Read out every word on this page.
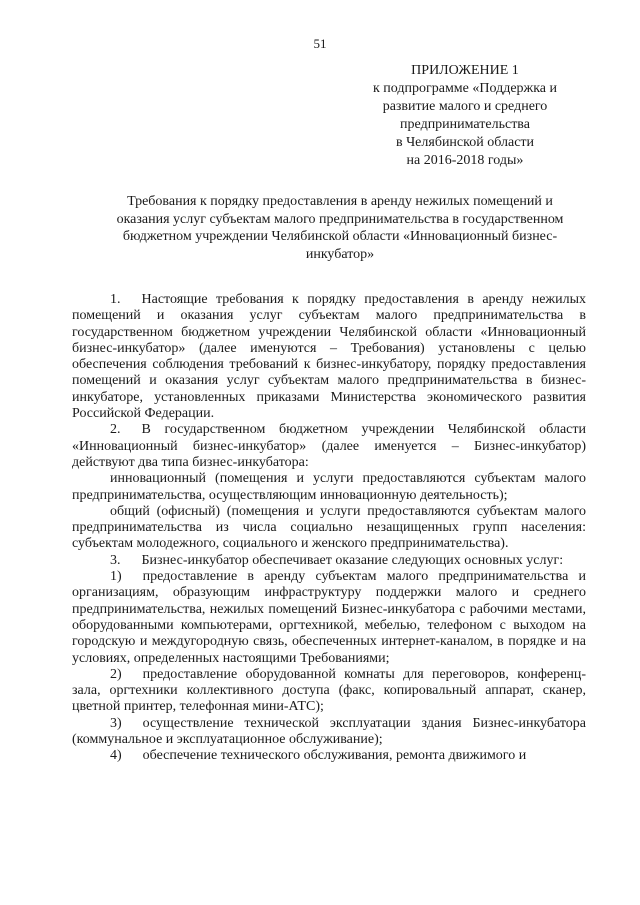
51
ПРИЛОЖЕНИЕ 1
к подпрограмме «Поддержка и
развитие малого и среднего
предпринимательства
в Челябинской области
на 2016-2018 годы»
Требования к порядку предоставления в аренду нежилых помещений и
оказания услуг субъектам малого предпринимательства в государственном
бюджетном учреждении Челябинской области «Инновационный бизнес-
инкубатор»

1.  Настоящие требования к порядку предоставления в аренду нежилых помещений и оказания услуг субъектам малого предпринимательства в государственном бюджетном учреждении Челябинской области «Инновационный бизнес-инкубатор» (далее именуются – Требования) установлены с целью обеспечения соблюдения требований к бизнес-инкубатору, порядку предоставления помещений и оказания услуг субъектам малого предпринимательства в бизнес-инкубаторе, установленных приказами Министерства экономического развития Российской Федерации.

2.  В государственном бюджетном учреждении Челябинской области «Инновационный бизнес-инкубатор» (далее именуется – Бизнес-инкубатор) действуют два типа бизнес-инкубатора:

инновационный (помещения и услуги предоставляются субъектам малого предпринимательства, осуществляющим инновационную деятельность);

общий (офисный) (помещения и услуги предоставляются субъектам малого предпринимательства из числа социально незащищенных групп населения: субъектам молодежного, социального и женского предпринимательства).

3.  Бизнес-инкубатор обеспечивает оказание следующих основных услуг:

1)  предоставление в аренду субъектам малого предпринимательства и организациям, образующим инфраструктуру поддержки малого и среднего предпринимательства, нежилых помещений Бизнес-инкубатора с рабочими местами, оборудованными компьютерами, оргтехникой, мебелью, телефоном с выходом на городскую и междугородную связь, обеспеченных интернет-каналом, в порядке и на условиях, определенных настоящими Требованиями;

2)  предоставление оборудованной комнаты для переговоров, конференц-зала, оргтехники коллективного доступа (факс, копировальный аппарат, сканер, цветной принтер, телефонная мини-АТС);

3)  осуществление технической эксплуатации здания Бизнес-инкубатора (коммунальное и эксплуатационное обслуживание);

4)  обеспечение технического обслуживания, ремонта движимого и
